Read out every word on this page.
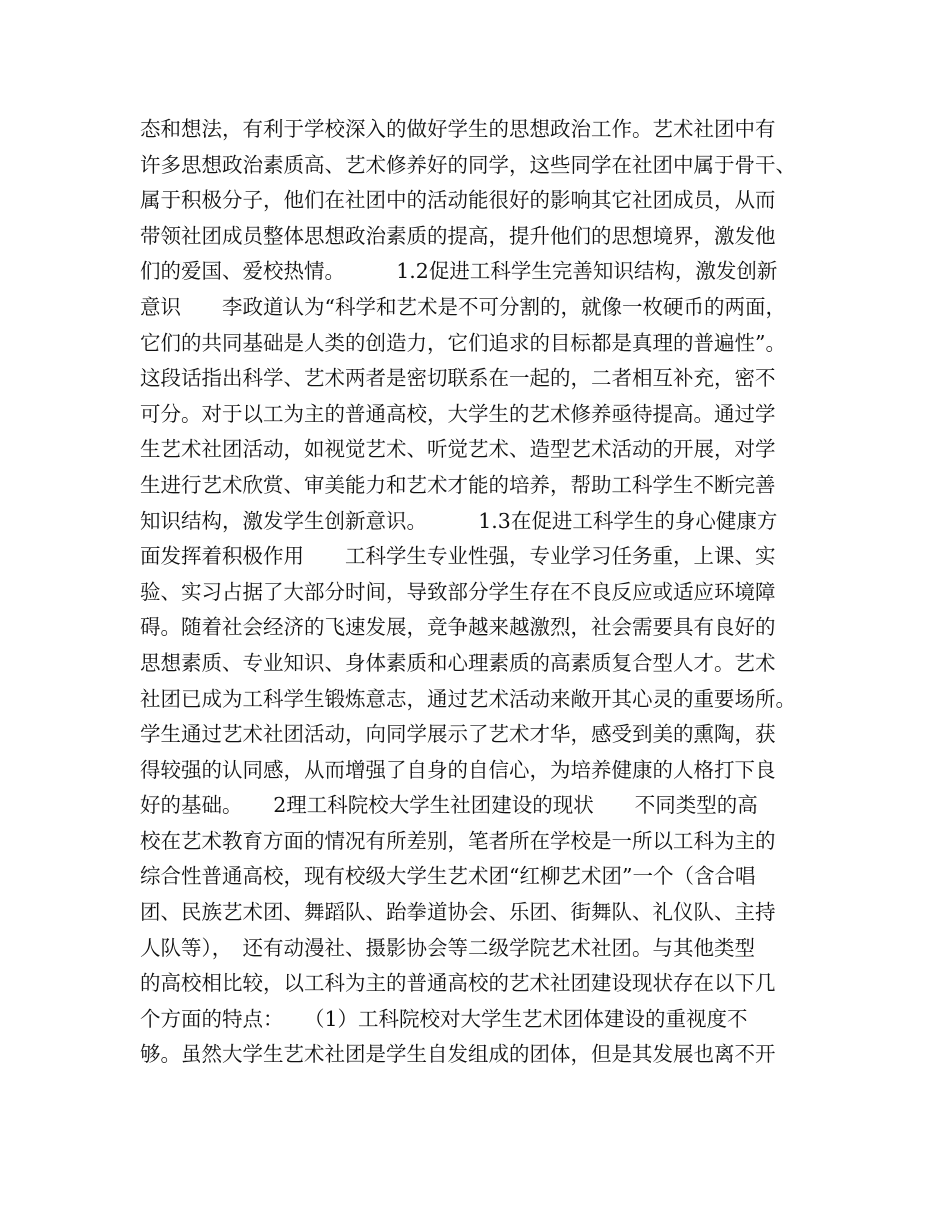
态和想法，有利于学校深入的做好学生的思想政治工作。艺术社团中有
许多思想政治素质高、艺术修养好的同学，这些同学在社团中属于骨干、
属于积极分子，他们在社团中的活动能很好的影响其它社团成员，从而
带领社团成员整体思想政治素质的提高，提升他们的思想境界，激发他
们的爱国、爱校热情。　　　1.2促进工科学生完善知识结构，激发创新
意识　　李政道认为“科学和艺术是不可分割的，就像一枚硬币的两面，
它们的共同基础是人类的创造力，它们追求的目标都是真理的普遍性”。
这段话指出科学、艺术两者是密切联系在一起的，二者相互补充，密不
可分。对于以工为主的普通高校，大学生的艺术修养亟待提高。通过学
生艺术社团活动，如视觉艺术、听觉艺术、造型艺术活动的开展，对学
生进行艺术欣赏、审美能力和艺术才能的培养，帮助工科学生不断完善
知识结构，激发学生创新意识。　　　1.3在促进工科学生的身心健康方
面发挥着积极作用　　工科学生专业性强，专业学习任务重，上课、实
验、实习占据了大部分时间，导致部分学生存在不良反应或适应环境障
碍。随着社会经济的飞速发展，竞争越来越激烈，社会需要具有良好的
思想素质、专业知识、身体素质和心理素质的高素质复合型人才。艺术
社团已成为工科学生锻炼意志，通过艺术活动来敞开其心灵的重要场所。
学生通过艺术社团活动，向同学展示了艺术才华，感受到美的熏陶，获
得较强的认同感，从而增强了自身的自信心，为培养健康的人格打下良
好的基础。　　2理工科院校大学生社团建设的现状　　不同类型的高
校在艺术教育方面的情况有所差别，笔者所在学校是一所以工科为主的
综合性普通高校，现有校级大学生艺术团“红柳艺术团”一个（含合唱
团、民族艺术团、舞蹈队、跆拳道协会、乐团、街舞队、礼仪队、主持
人队等），　还有动漫社、摄影协会等二级学院艺术社团。与其他类型
的高校相比较，以工科为主的普通高校的艺术社团建设现状存在以下几
个方面的特点：　　（1）工科院校对大学生艺术团体建设的重视度不
够。虽然大学生艺术社团是学生自发组成的团体，但是其发展也离不开
